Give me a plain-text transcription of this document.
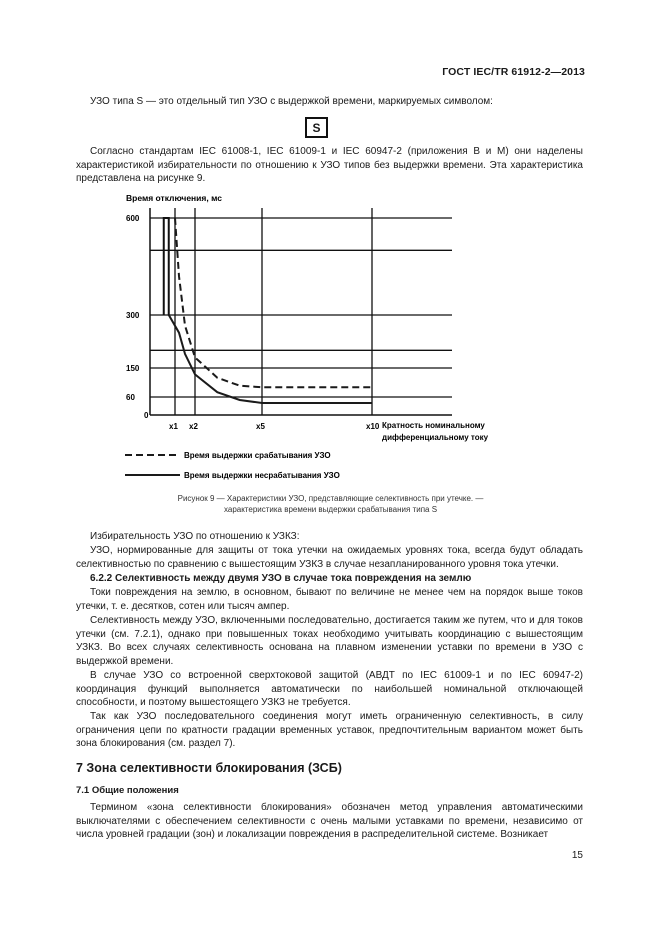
ГОСТ IEC/TR 61912-2—2013
УЗО типа S — это отдельный тип УЗО с выдержкой времени, маркируемых символом:
S
Согласно стандартам IEC 61008-1, IEC 61009-1 и IEC 60947-2 (приложения В и М) они наделены характеристикой избирательности по отношению к УЗО типов без выдержки времени. Эта характеристика представлена на рисунке 9.
Время отключения, мс
600
300
150
60
0
x1 x2	x5	x10 Кратность номинальному
дифференциальному току
Время выдержки срабатывания УЗО
Время выдержки несрабатывания УЗО
Рисунок 9 — Характеристики УЗО, представляющие селективность при утечке. —
характеристика времени выдержки срабатывания типа S
Избирательность УЗО по отношению к УЗКЗ:
УЗО, нормированные для защиты от тока утечки на ожидаемых уровнях тока, всегда будут обладать селективностью по сравнению с вышестоящим УЗКЗ в случае незапланированного уровня тока утечки.
6.2.2 Селективность между двумя УЗО в случае тока повреждения на землю
Токи повреждения на землю, в основном, бывают по величине не менее чем на порядок выше токов утечки, т. е. десятков, сотен или тысяч ампер.
Селективность между УЗО, включенными последовательно, достигается таким же путем, что и для токов утечки (см. 7.2.1), однако при повышенных токах необходимо учитывать координацию с вышестоящим УЗКЗ. Во всех случаях селективность основана на плавном изменении уставки по времени в УЗО с выдержкой времени.
В случае УЗО со встроенной сверхтоковой защитой (АВДТ по IEC 61009-1 и по IEC 60947-2) координация функций выполняется автоматически по наибольшей номинальной отключающей способности, и поэтому вышестоящего УЗКЗ не требуется.
Так как УЗО последовательного соединения могут иметь ограниченную селективность, в силу ограничения цепи по кратности градации временных уставок, предпочтительным вариантом может быть зона блокирования (см. раздел 7).
7 Зона селективности блокирования (ЗСБ)
7.1 Общие положения
Термином «зона селективности блокирования» обозначен метод управления автоматическими выключателями с обеспечением селективности с очень малыми уставками по времени, независимо от числа уровней градации (зон) и локализации повреждения в распределительной системе. Возникает
15
